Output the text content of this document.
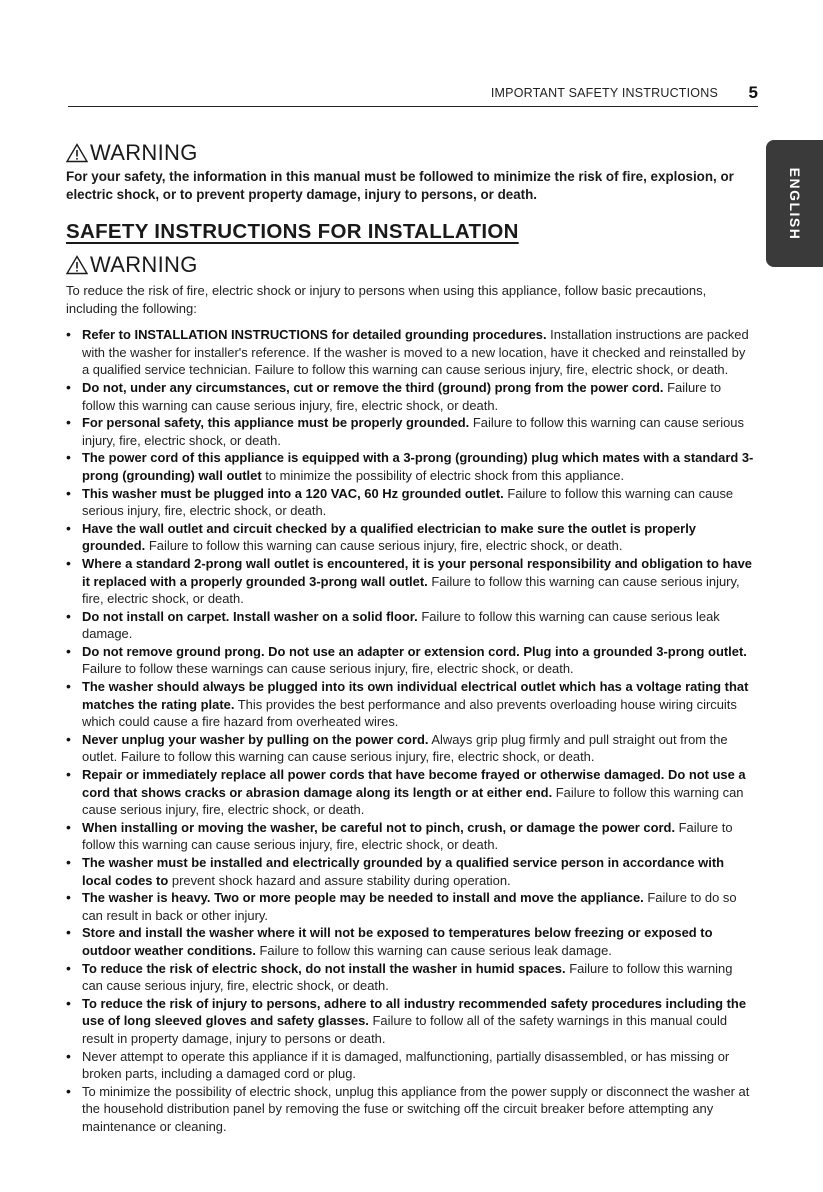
IMPORTANT SAFETY INSTRUCTIONS 5
ENGLISH
WARNING
For your safety, the information in this manual must be followed to minimize the risk of fire, explosion, or electric shock, or to prevent property damage, injury to persons, or death.
SAFETY INSTRUCTIONS FOR INSTALLATION
WARNING
To reduce the risk of fire, electric shock or injury to persons when using this appliance, follow basic precautions, including the following:
• Refer to INSTALLATION INSTRUCTIONS for detailed grounding procedures. Installation instructions are packed with the washer for installer's reference. If the washer is moved to a new location, have it checked and reinstalled by a qualified service technician. Failure to follow this warning can cause serious injury, fire, electric shock, or death.
• Do not, under any circumstances, cut or remove the third (ground) prong from the power cord. Failure to follow this warning can cause serious injury, fire, electric shock, or death.
• For personal safety, this appliance must be properly grounded. Failure to follow this warning can cause serious injury, fire, electric shock, or death.
• The power cord of this appliance is equipped with a 3-prong (grounding) plug which mates with a standard 3-prong (grounding) wall outlet to minimize the possibility of electric shock from this appliance.
• This washer must be plugged into a 120 VAC, 60 Hz grounded outlet. Failure to follow this warning can cause serious injury, fire, electric shock, or death.
• Have the wall outlet and circuit checked by a qualified electrician to make sure the outlet is properly grounded. Failure to follow this warning can cause serious injury, fire, electric shock, or death.
• Where a standard 2-prong wall outlet is encountered, it is your personal responsibility and obligation to have it replaced with a properly grounded 3-prong wall outlet. Failure to follow this warning can cause serious injury, fire, electric shock, or death.
• Do not install on carpet. Install washer on a solid floor. Failure to follow this warning can cause serious leak damage.
• Do not remove ground prong. Do not use an adapter or extension cord. Plug into a grounded 3-prong outlet. Failure to follow these warnings can cause serious injury, fire, electric shock, or death.
• The washer should always be plugged into its own individual electrical outlet which has a voltage rating that matches the rating plate. This provides the best performance and also prevents overloading house wiring circuits which could cause a fire hazard from overheated wires.
• Never unplug your washer by pulling on the power cord. Always grip plug firmly and pull straight out from the outlet. Failure to follow this warning can cause serious injury, fire, electric shock, or death.
• Repair or immediately replace all power cords that have become frayed or otherwise damaged. Do not use a cord that shows cracks or abrasion damage along its length or at either end. Failure to follow this warning can cause serious injury, fire, electric shock, or death.
• When installing or moving the washer, be careful not to pinch, crush, or damage the power cord. Failure to follow this warning can cause serious injury, fire, electric shock, or death.
• The washer must be installed and electrically grounded by a qualified service person in accordance with local codes to prevent shock hazard and assure stability during operation.
• The washer is heavy. Two or more people may be needed to install and move the appliance. Failure to do so can result in back or other injury.
• Store and install the washer where it will not be exposed to temperatures below freezing or exposed to outdoor weather conditions. Failure to follow this warning can cause serious leak damage.
• To reduce the risk of electric shock, do not install the washer in humid spaces. Failure to follow this warning can cause serious injury, fire, electric shock, or death.
• To reduce the risk of injury to persons, adhere to all industry recommended safety procedures including the use of long sleeved gloves and safety glasses. Failure to follow all of the safety warnings in this manual could result in property damage, injury to persons or death.
• Never attempt to operate this appliance if it is damaged, malfunctioning, partially disassembled, or has missing or broken parts, including a damaged cord or plug.
• To minimize the possibility of electric shock, unplug this appliance from the power supply or disconnect the washer at the household distribution panel by removing the fuse or switching off the circuit breaker before attempting any maintenance or cleaning.
